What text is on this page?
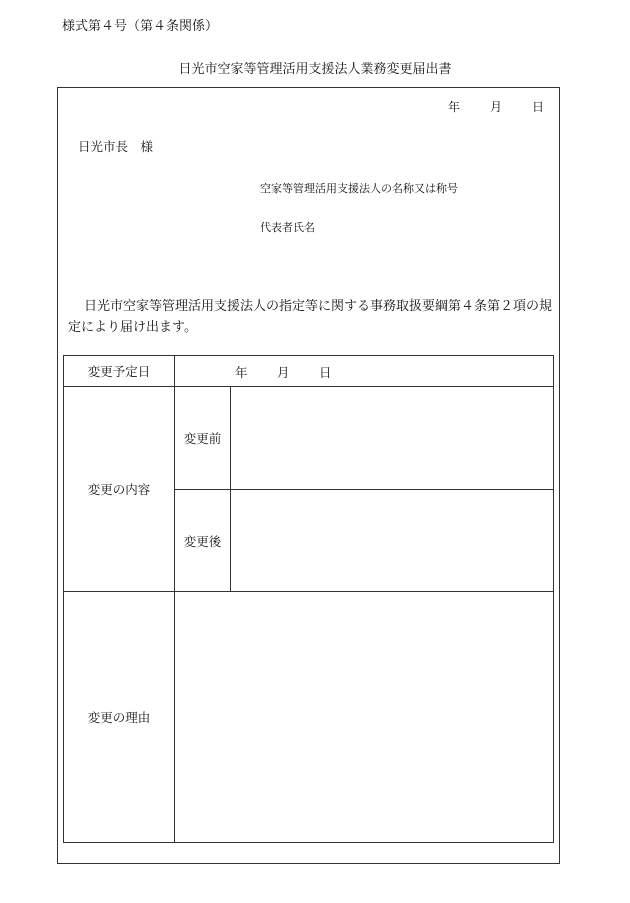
様式第４号（第４条関係）
日光市空家等管理活用支援法人業務変更届出書
年 月 日
日光市長　様
空家等管理活用支援法人の名称又は称号
代表者氏名
日光市空家等管理活用支援法人の指定等に関する事務取扱要綱第４条第２項の規定により届け出ます。
変更予定日	年 月 日	

変更の内容	変更前	
	変更後	
変更の理由		
